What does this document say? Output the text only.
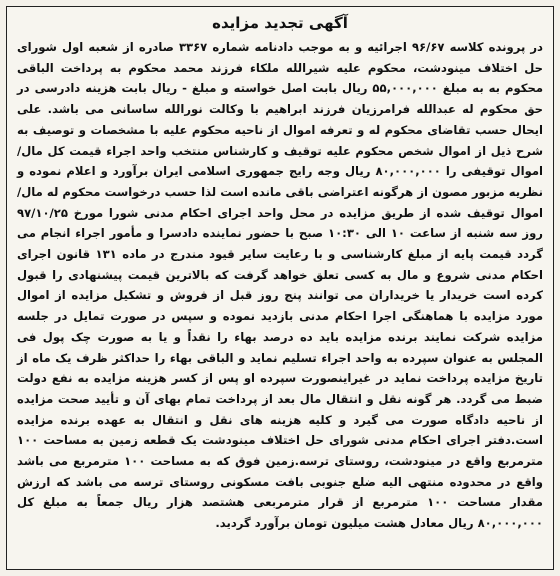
آگهی تجدید مزایده

در پرونده کلاسه ۹۶/۶۷ اجرائیه و به موجب دادنامه شماره ۳۳۶۷ صادره از شعبه اول شورای حل اختلاف مینودشت، محکوم علیه شیرالله ملکاء فرزند محمد محکوم به پرداخت الباقی محکوم به به مبلغ ۵۵,۰۰۰,۰۰۰ ریال بابت اصل خواسته و مبلغ - ریال بابت هزینه دادرسی در حق محکوم له عبدالله فرامرزیان فرزند ابراهیم با وکالت نورالله ساسانی می باشد. علی ایحال حسب تقاضای محکوم له و تعرفه اموال از ناحیه محکوم علیه با مشخصات و توصیف به شرح ذیل از اموال شخص محکوم علیه توقیف و کارشناس منتخب واحد اجراء قیمت کل مال/اموال توقیفی را ۸۰,۰۰۰,۰۰۰ ریال وجه رایج جمهوری اسلامی ایران برآورد و اعلام نموده و نظریه مزبور مصون از هرگونه اعتراضی باقی مانده است لذا حسب درخواست محکوم له مال/اموال توقیف شده از طریق مزایده در محل واحد اجرای احکام مدنی شورا مورخ ۹۷/۱۰/۲۵ روز سه شنبه از ساعت ۱۰ الی ۱۰:۳۰ صبح با حضور نماینده دادسرا و مأمور اجراء انجام می گردد قیمت پایه از مبلغ کارشناسی و با رعایت سایر قیود مندرج در ماده ۱۳۱ قانون اجرای احکام مدنی شروع و مال به کسی تعلق خواهد گرفت که بالاترین قیمت پیشنهادی را قبول کرده است خریدار یا خریداران می توانند پنج روز قبل از فروش و تشکیل مزایده از اموال مورد مزایده با هماهنگی اجرا احکام مدنی بازدید نموده و سپس در صورت تمایل در جلسه مزایده شرکت نمایند برنده مزایده باید ده درصد بهاء را نقداً و یا به صورت چک پول فی المجلس به عنوان سپرده به واحد اجراء تسلیم نماید و الباقی بهاء را حداکثر ظرف یک ماه از تاریخ مزایده پرداخت نماید در غیراینصورت سپرده او پس از کسر هزینه مزایده به نفع دولت ضبط می گردد. هر گونه نقل و انتقال مال بعد از پرداخت تمام بهای آن و تأیید صحت مزایده از ناحیه دادگاه صورت می گیرد و کلیه هزینه های نقل و انتقال به عهده برنده مزایده است.دفتر اجرای احکام مدنی شورای حل اختلاف مینودشت یک قطعه زمین به مساحت ۱۰۰ مترمربع واقع در مینودشت، روستای ترسه.زمین فوق که به مساحت ۱۰۰ مترمربع می باشد واقع در محدوده منتهی الیه ضلع جنوبی بافت مسکونی روستای ترسه می باشد که ارزش مقدار مساحت ۱۰۰ مترمربع از قرار مترمربعی هشتصد هزار ریال جمعاً به مبلغ کل ۸۰,۰۰۰,۰۰۰ ریال معادل هشت میلیون تومان برآورد گردید.
